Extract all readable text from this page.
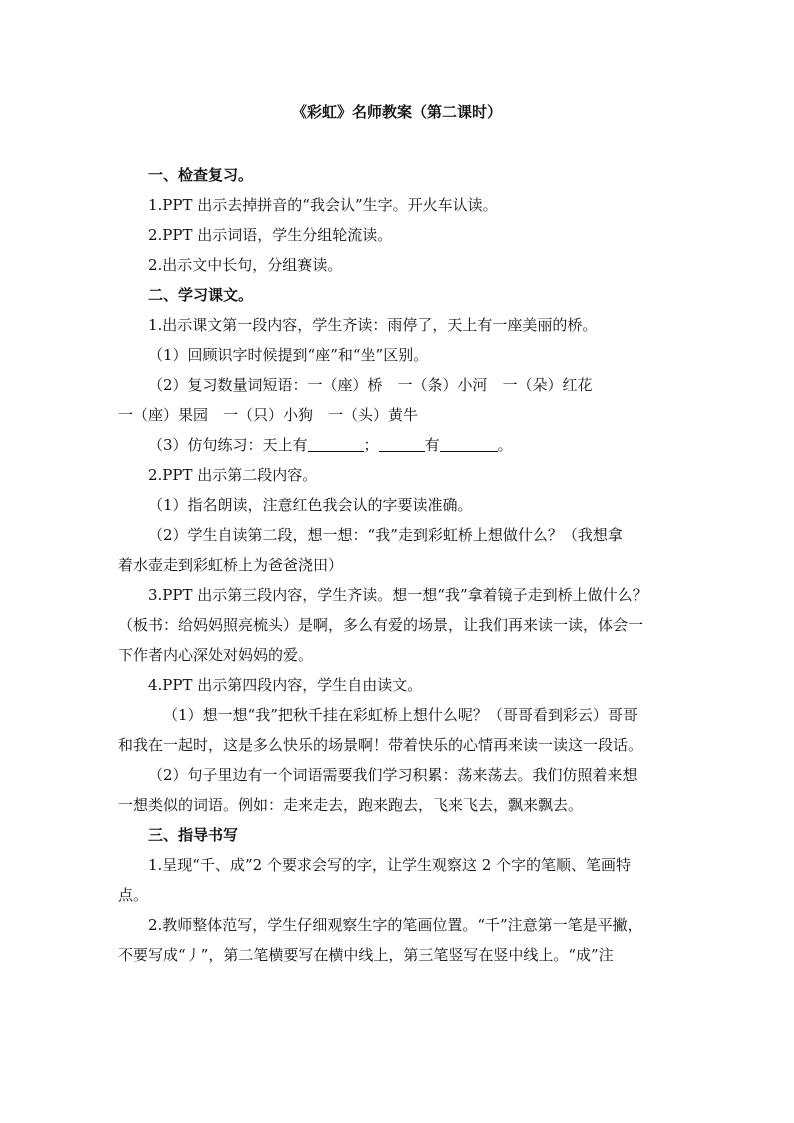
《彩虹》名师教案（第二课时）
一、检查复习。
1.PPT 出示去掉拼音的“我会认”生字。开火车认读。
2.PPT 出示词语，学生分组轮流读。
2.出示文中长句，分组赛读。
二、学习课文。
1.出示课文第一段内容，学生齐读：雨停了，天上有一座美丽的桥。
（1）回顾识字时候提到“座”和“坐”区别。
（2）复习数量词短语：一（座）桥　一（条）小河　一（朵）红花
一（座）果园　一（只）小狗　一（头）黄牛
（3）仿句练习：天上有	；	有	。
2.PPT 出示第二段内容。
（1）指名朗读，注意红色我会认的字要读准确。
（2）学生自读第二段，想一想：“我”走到彩虹桥上想做什么？（我想拿
着水壶走到彩虹桥上为爸爸浇田）
3.PPT 出示第三段内容，学生齐读。想一想“我”拿着镜子走到桥上做什么？
（板书：给妈妈照亮梳头）是啊，多么有爱的场景，让我们再来读一读，体会一
下作者内心深处对妈妈的爱。
4.PPT 出示第四段内容，学生自由读文。
（1）想一想“我”把秋千挂在彩虹桥上想什么呢？（哥哥看到彩云）哥哥
和我在一起时，这是多么快乐的场景啊！带着快乐的心情再来读一读这一段话。
（2）句子里边有一个词语需要我们学习积累：荡来荡去。我们仿照着来想
一想类似的词语。例如：走来走去，跑来跑去，飞来飞去，飘来飘去。
三、指导书写
1.呈现“千、成”2 个要求会写的字，让学生观察这 2 个字的笔顺、笔画特
点。
2.教师整体范写，学生仔细观察生字的笔画位置。“千”注意第一笔是平撇，
不要写成“丿”，第二笔横要写在横中线上，第三笔竖写在竖中线上。“成”注
